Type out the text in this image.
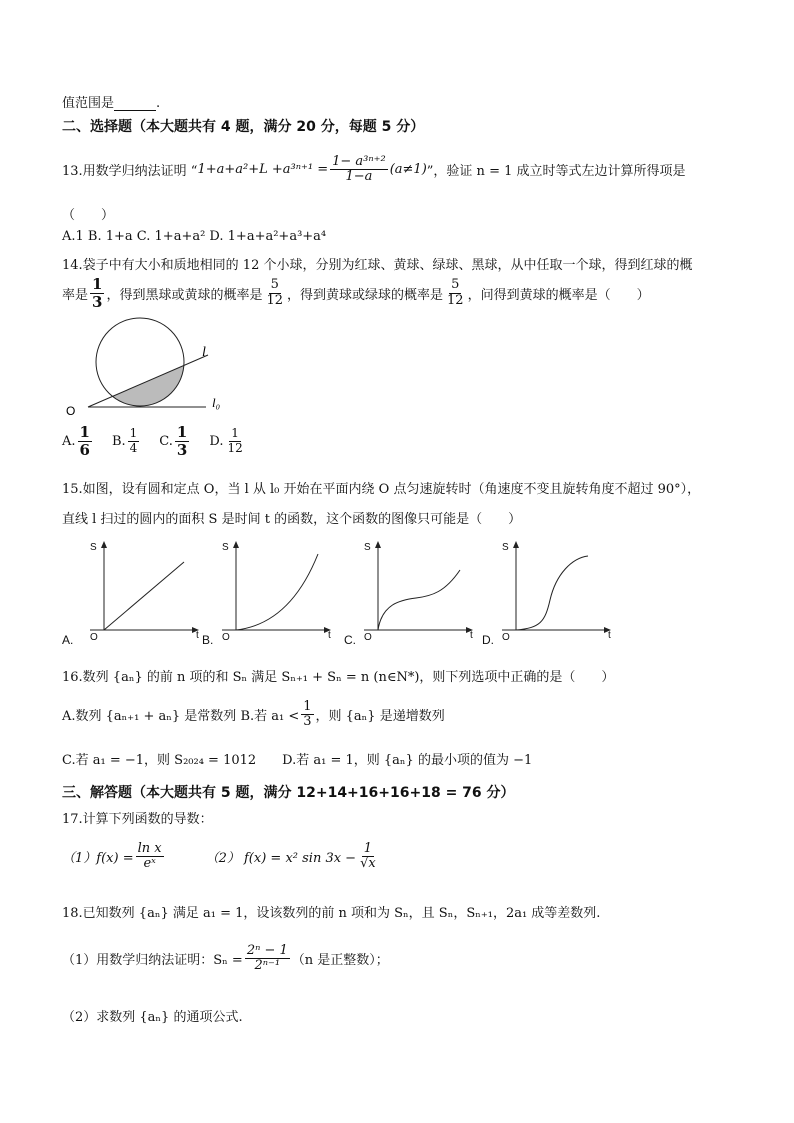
值范围是	.
二、选择题（本大题共有 4 题，满分 20 分，每题 5 分）
13.用数学归纳法证明 “ $1+a+a^2+L +a^{3n+1} = \frac{\text{1− a³ⁿ⁺²}}{1-a} (a\ne 1)$ ”，验证 n = 1 成立时等式左边计算所得项是
（　　）
A.1 B. 1+a C. 1+a+a² D. 1+a+a²+a³+a⁴
14.袋子中有大小和质地相同的 12 个小球，分别为红球、黄球、绿球、黑球，从中任取一个球，得到红球的概
率是 $\frac{1}{3}$ ，得到黑球或黄球的概率是 $\frac{5}{12}$ ，得到黄球或绿球的概率是 $\frac{5}{12}$ ，问得到黄球的概率是（　　）
O
l
l₀
A. $\frac{1}{6} B$. $\frac{1}{4} C$. $\frac{1}{3} D$. $\frac{1}{12}$
15.如图，设有圆和定点 O，当 l 从 l₀ 开始在平面内绕 O 点匀速旋转时（角速度不变且旋转角度不超过 90°），
直线 l 扫过的圆内的面积 S 是时间 t 的函数，这个函数的图像只可能是（　　）
S
t
O
A.
S
t
O
B.
S
t
O
C.
S
t
O
D.
16.数列 {aₙ} 的前 n 项的和 Sₙ 满足 Sₙ₊₁ + Sₙ = n (n∈N*)，则下列选项中正确的是（　　）
A.数列 {aₙ₊₁ + aₙ} 是常数列 B.若 $a_1 < \frac{1}{3}$ ，则 {aₙ} 是递增数列
C.若 a₁ = −1，则 S₂₀₂₄ = 1012　　D.若 a₁ = 1，则 {aₙ} 的最小项的值为 −1
三、解答题（本大题共有 5 题，满分 12+14+16+16+18 = 76 分）
17.计算下列函数的导数：
$(1)f(x) = \frac{\text{ln x}}{\text{eˣ}}$	（2） f(x) = x² $\sin 3x - \frac{1}{√x}$
18.已知数列 {aₙ} 满足 a₁ = 1，设该数列的前 n 项和为 Sₙ，且 Sₙ，Sₙ₊₁，2a₁ 成等差数列.
（1）用数学归纳法证明：$S_n = \frac{\text{2ⁿ − 1}}{\text{2ⁿ⁻¹}} (n$ 是正整数）；
（2）求数列 {aₙ} 的通项公式.
